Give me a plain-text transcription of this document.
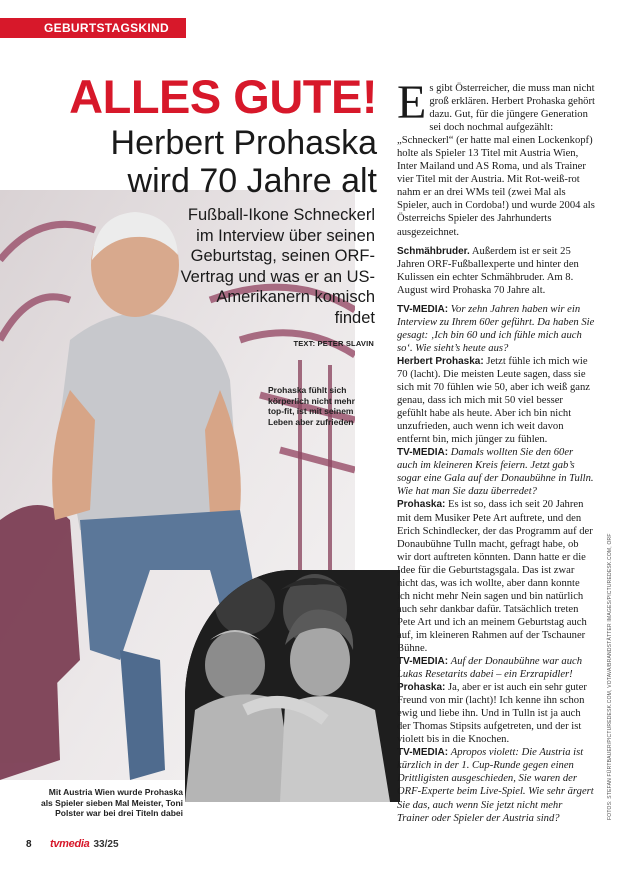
GEBURTSTAGSKIND
ALLES GUTE!
Herbert Prohaska
wird 70 Jahre alt
Fußball-Ikone Schneckerl im Interview über seinen Geburtstag, seinen ORF-Vertrag und was er an US-Amerikanern komisch findet
TEXT: PETER SLAVIN
Prohaska fühlt sich körperlich nicht mehr top-fit, ist mit seinem Leben aber zufrieden
Mit Austria Wien wurde Prohaska als Spieler sieben Mal Meister, Toni Polster war bei drei Titeln dabei

Es gibt Österreicher, die muss man nicht groß erklären. Herbert Prohaska gehört dazu. Gut, für die jüngere Generation sei doch nochmal aufgezählt: „Schneckerl“ (er hatte mal einen Lockenkopf) holte als Spieler 13 Titel mit Austria Wien, Inter Mailand und AS Roma, und als Trainer vier Titel mit der Austria. Mit Rot-weiß-rot nahm er an drei WMs teil (zwei Mal als Spieler, auch in Cordoba!) und wurde 2004 als Österreichs Spieler des Jahrhunderts ausgezeichnet.

Schmähbruder. Außerdem ist er seit 25 Jahren ORF-Fußballexperte und hinter den Kulissen ein echter Schmähbruder. Am 8. August wird Prohaska 70 Jahre alt.

TV-MEDIA: Vor zehn Jahren haben wir ein Interview zu Ihrem 60er geführt. Da haben Sie gesagt: ‚Ich bin 60 und ich fühle mich auch so‘. Wie sieht’s heute aus?
Herbert Prohaska: Jetzt fühle ich mich wie 70 (lacht). Die meisten Leute sagen, dass sie sich mit 70 fühlen wie 50, aber ich weiß ganz genau, dass ich mich mit 50 viel besser gefühlt habe als heute. Aber ich bin nicht unzufrieden, auch wenn ich weit davon entfernt bin, mich jünger zu fühlen.
TV-MEDIA: Damals wollten Sie den 60er auch im kleineren Kreis feiern. Jetzt gab’s sogar eine Gala auf der Donaubühne in Tulln. Wie hat man Sie dazu überredet?
Prohaska: Es ist so, dass ich seit 20 Jahren mit dem Musiker Pete Art auftrete, und den Erich Schindlecker, der das Programm auf der Donaubühne Tulln macht, gefragt habe, ob wir dort auftreten könnten. Dann hatte er die Idee für die Geburtstagsgala. Das ist zwar nicht das, was ich wollte, aber dann konnte ich nicht mehr Nein sagen und bin natürlich auch sehr dankbar dafür. Tatsächlich treten Pete Art und ich an meinem Geburtstag auch auf, im kleineren Rahmen auf der Tschauner Bühne.
TV-MEDIA: Auf der Donaubühne war auch Lukas Resetarits dabei – ein Erzrapidler!
Prohaska: Ja, aber er ist auch ein sehr guter Freund von mir (lacht)! Ich kenne ihn schon ewig und liebe ihn. Und in Tulln ist ja auch der Thomas Stipsits aufgetreten, und der ist violett bis in die Knochen.
TV-MEDIA: Apropos violett: Die Austria ist kürzlich in der 1. Cup-Runde gegen einen Drittligisten ausgeschieden, Sie waren der ORF-Experte beim Live-Spiel. Wie sehr ärgert Sie das, auch wenn Sie jetzt nicht mehr Trainer oder Spieler der Austria sind?	FOTOS: STEFAN FÜRTBAUER/PICTUREDESK.COM, VOTAVA/BRANDSTÄTTER IMAGES/PICTUREDESK.COM, ORF
8 tvmedia 33/25
